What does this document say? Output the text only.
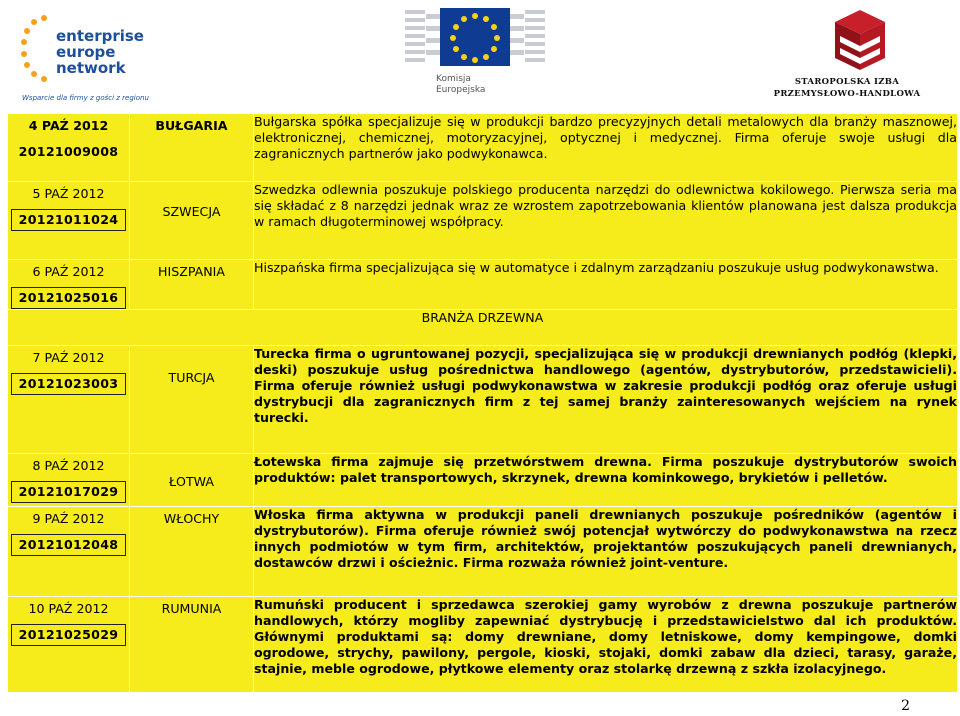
enterprise
europe
network
Wsparcie dla firmy z gości z regionu
Komisja
Europejska
STAROPOLSKA IZBA
PRZEMYSŁOWO-HANDLOWA
4 PAŹ 2012
20121009008	BUŁGARIA	Bułgarska spółka specjalizuje się w produkcji bardzo precyzyjnych detali metalowych dla branży masznowej, elektronicznej, chemicznej, motoryzacyjnej, optycznej i medycznej. Firma oferuje swoje usługi dla zagranicznych partnerów jako podwykonawca.

5 PAŹ 2012
20121011024	SZWECJA	Szwedzka odlewnia poszukuje polskiego producenta narzędzi do odlewnictwa kokilowego. Pierwsza seria ma się składać z 8 narzędzi jednak wraz ze wzrostem zapotrzebowania klientów planowana jest dalsza produkcja w ramach długoterminowej współpracy.

6 PAŹ 2012
20121025016	HISZPANIA	Hiszpańska firma specjalizująca się w automatyce i zdalnym zarządzaniu poszukuje usług podwykonawstwa.
BRANŻA DRZEWNA		

7 PAŹ 2012
20121023003	TURCJA	Turecka firma o ugruntowanej pozycji, specjalizująca się w produkcji drewnianych podłóg (klepki, deski) poszukuje usług pośrednictwa handlowego (agentów, dystrybutorów, przedstawicieli). Firma oferuje również usługi podwykonawstwa w zakresie produkcji podłóg oraz oferuje usługi dystrybucji dla zagranicznych firm z tej samej branży zainteresowanych wejściem na rynek turecki.

8 PAŹ 2012
20121017029	ŁOTWA	Łotewska firma zajmuje się przetwórstwem drewna. Firma poszukuje dystrybutorów swoich produktów: palet transportowych, skrzynek, drewna kominkowego, brykietów i pelletów.

9 PAŹ 2012
20121012048	WŁOCHY	Włoska firma aktywna w produkcji paneli drewnianych poszukuje pośredników (agentów i dystrybutorów). Firma oferuje również swój potencjał wytwórczy do podwykonawstwa na rzecz innych podmiotów w tym firm, architektów, projektantów poszukujących paneli drewnianych, dostawców drzwi i ościeżnic. Firma rozważa również joint-venture.

10 PAŹ 2012
20121025029	RUMUNIA	Rumuński producent i sprzedawca szerokiej gamy wyrobów z drewna poszukuje partnerów handlowych, którzy mogliby zapewniać dystrybucję i przedstawicielstwo dal ich produktów. Głównymi produktami są: domy drewniane, domy letniskowe, domy kempingowe, domki ogrodowe, strychy, pawilony, pergole, kioski, stojaki, domki zabaw dla dzieci, tarasy, garaże, stajnie, meble ogrodowe, płytkowe elementy oraz stolarkę drzewną z szkła izolacyjnego.
2
